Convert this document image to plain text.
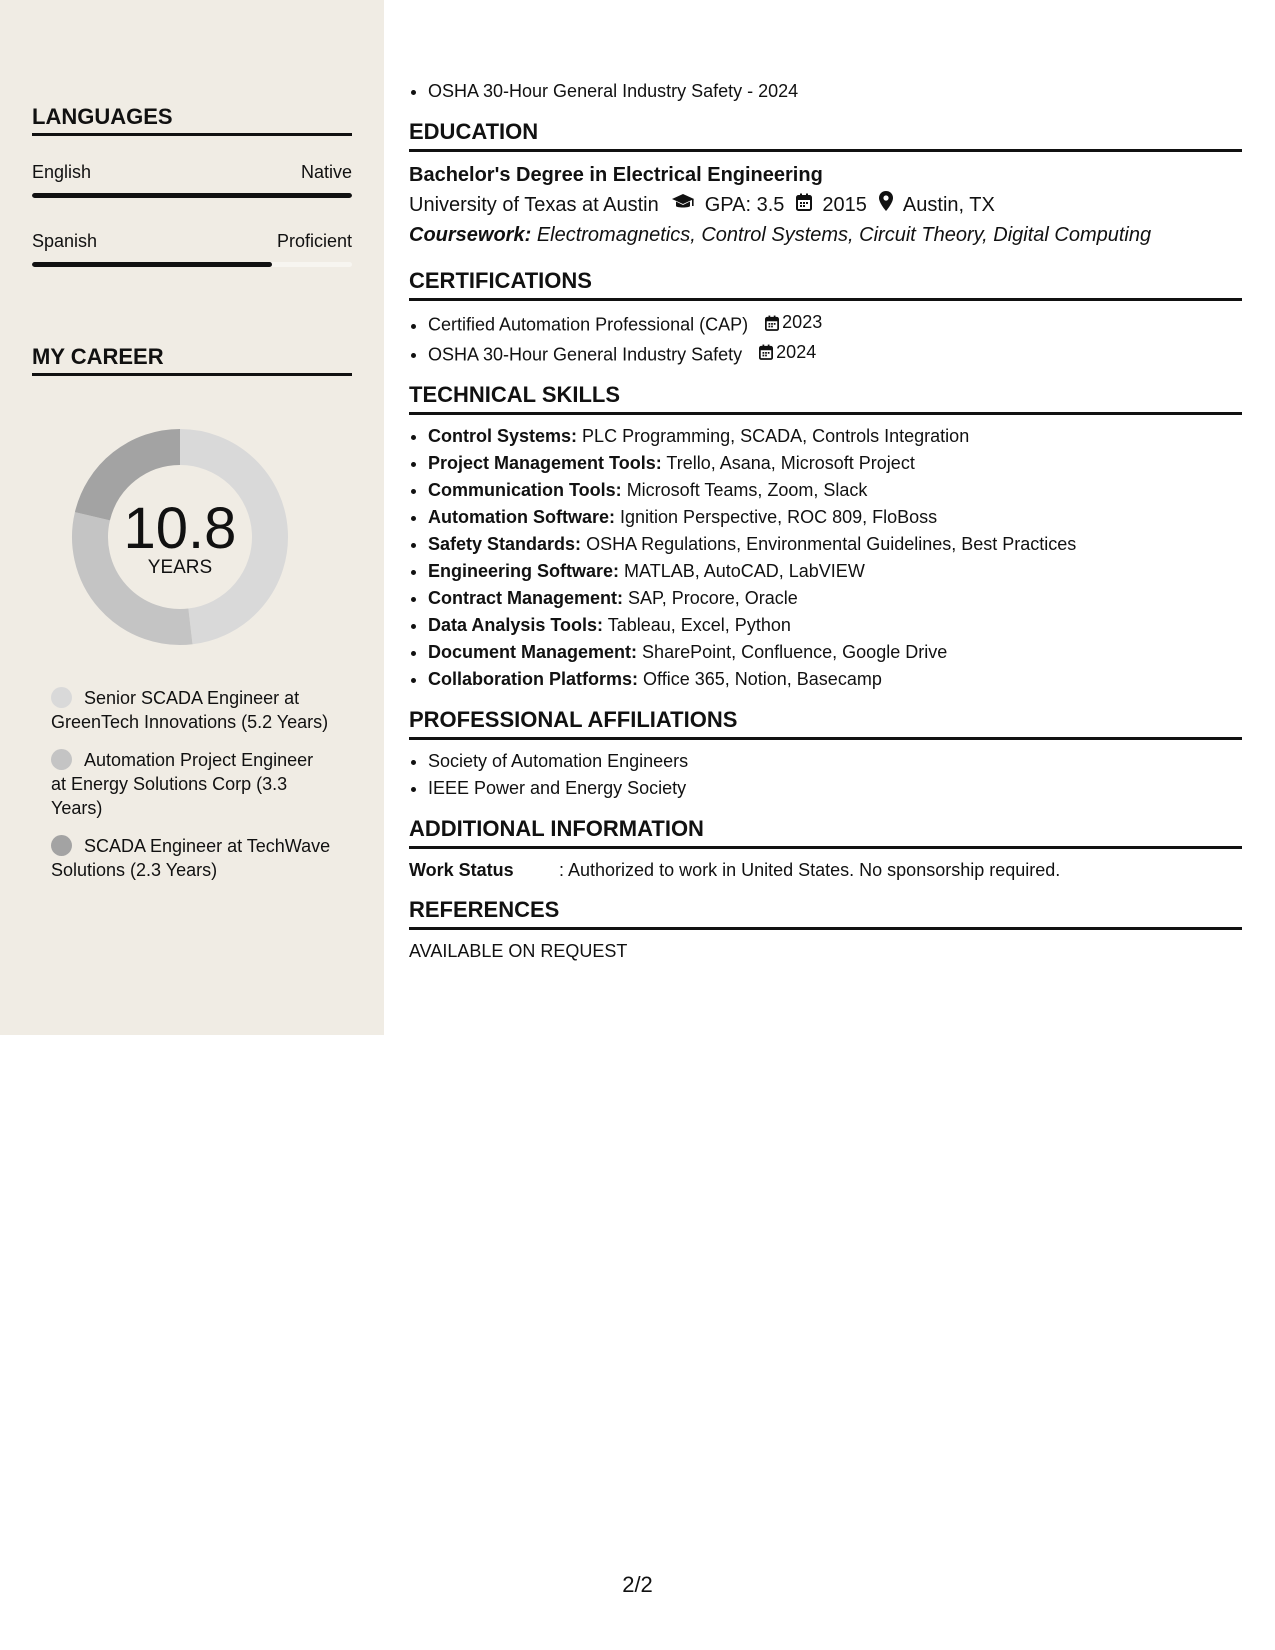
LANGUAGES
English	Native
Spanish	Proficient
MY CAREER
10.8
YEARS
Senior SCADA Engineer at GreenTech Innovations (5.2 Years)
Automation Project Engineer at Energy Solutions Corp (3.3 Years)
SCADA Engineer at TechWave Solutions (2.3 Years)
• OSHA 30-Hour General Industry Safety - 2024
EDUCATION
Bachelor's Degree in Electrical Engineering
University of Texas at Austin GPA: 3.5 2015 Austin, TX
Coursework: Electromagnetics, Control Systems, Circuit Theory, Digital Computing
CERTIFICATIONS
• Certified Automation Professional (CAP) 2023
• OSHA 30-Hour General Industry Safety 2024
TECHNICAL SKILLS
• Control Systems: PLC Programming, SCADA, Controls Integration
• Project Management Tools: Trello, Asana, Microsoft Project
• Communication Tools: Microsoft Teams, Zoom, Slack
• Automation Software: Ignition Perspective, ROC 809, FloBoss
• Safety Standards: OSHA Regulations, Environmental Guidelines, Best Practices
• Engineering Software: MATLAB, AutoCAD, LabVIEW
• Contract Management: SAP, Procore, Oracle
• Data Analysis Tools: Tableau, Excel, Python
• Document Management: SharePoint, Confluence, Google Drive
• Collaboration Platforms: Office 365, Notion, Basecamp
PROFESSIONAL AFFILIATIONS
• Society of Automation Engineers
• IEEE Power and Energy Society
ADDITIONAL INFORMATION
Work Status	: Authorized to work in United States. No sponsorship required.
REFERENCES
AVAILABLE ON REQUEST
2/2
